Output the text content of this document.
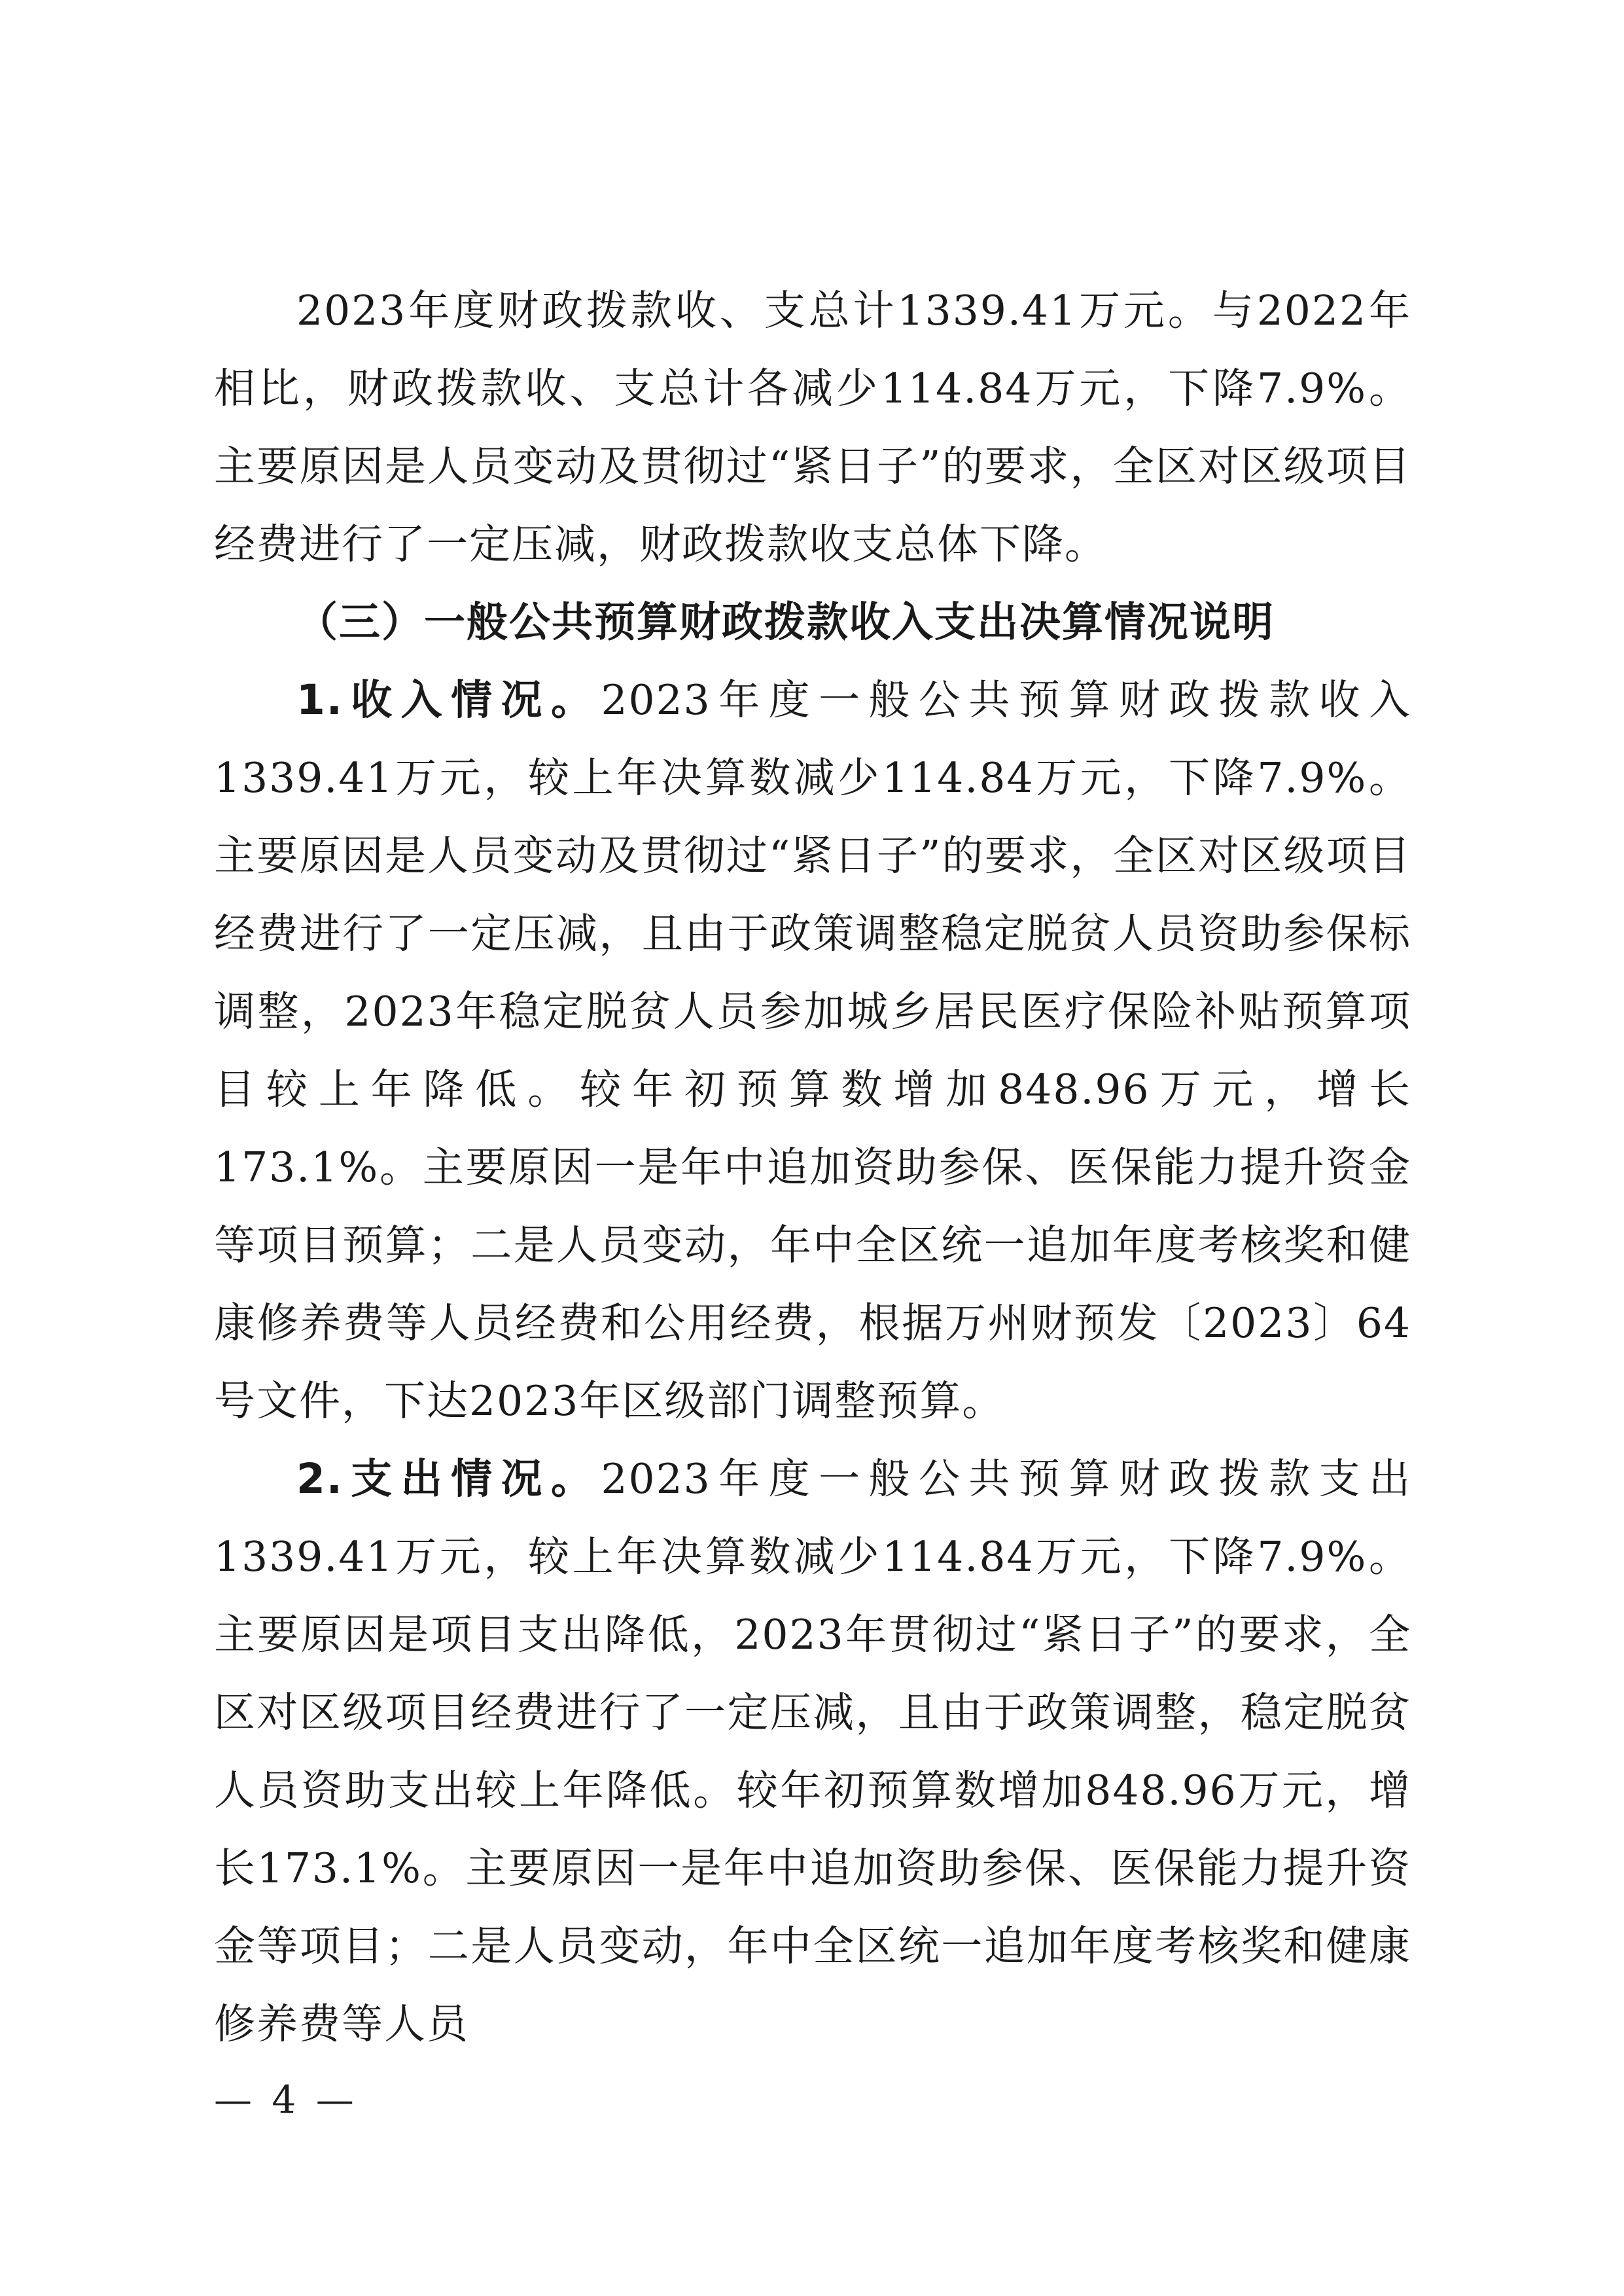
2023年度财政拨款收、支总计1339.41万元。与2022年相比，财政拨款收、支总计各减少114.84万元，下降7.9%。主要原因是人员变动及贯彻过“紧日子”的要求，全区对区级项目经费进行了一定压减，财政拨款收支总体下降。

（三）一般公共预算财政拨款收入支出决算情况说明

1.收入情况。2023年度一般公共预算财政拨款收入1339.41万元，较上年决算数减少114.84万元，下降7.9%。主要原因是人员变动及贯彻过“紧日子”的要求，全区对区级项目经费进行了一定压减，且由于政策调整稳定脱贫人员资助参保标调整，2023年稳定脱贫人员参加城乡居民医疗保险补贴预算项目较上年降低。较年初预算数增加848.96万元，增长173.1%。主要原因一是年中追加资助参保、医保能力提升资金等项目预算；二是人员变动，年中全区统一追加年度考核奖和健康修养费等人员经费和公用经费，根据万州财预发〔2023〕64号文件，下达2023年区级部门调整预算。

2.支出情况。2023年度一般公共预算财政拨款支出1339.41万元，较上年决算数减少114.84万元，下降7.9%。主要原因是项目支出降低，2023年贯彻过“紧日子”的要求，全区对区级项目经费进行了一定压减，且由于政策调整，稳定脱贫人员资助支出较上年降低。较年初预算数增加848.96万元，增长173.1%。主要原因一是年中追加资助参保、医保能力提升资金等项目；二是人员变动，年中全区统一追加年度考核奖和健康修养费等人员

— 4 —
